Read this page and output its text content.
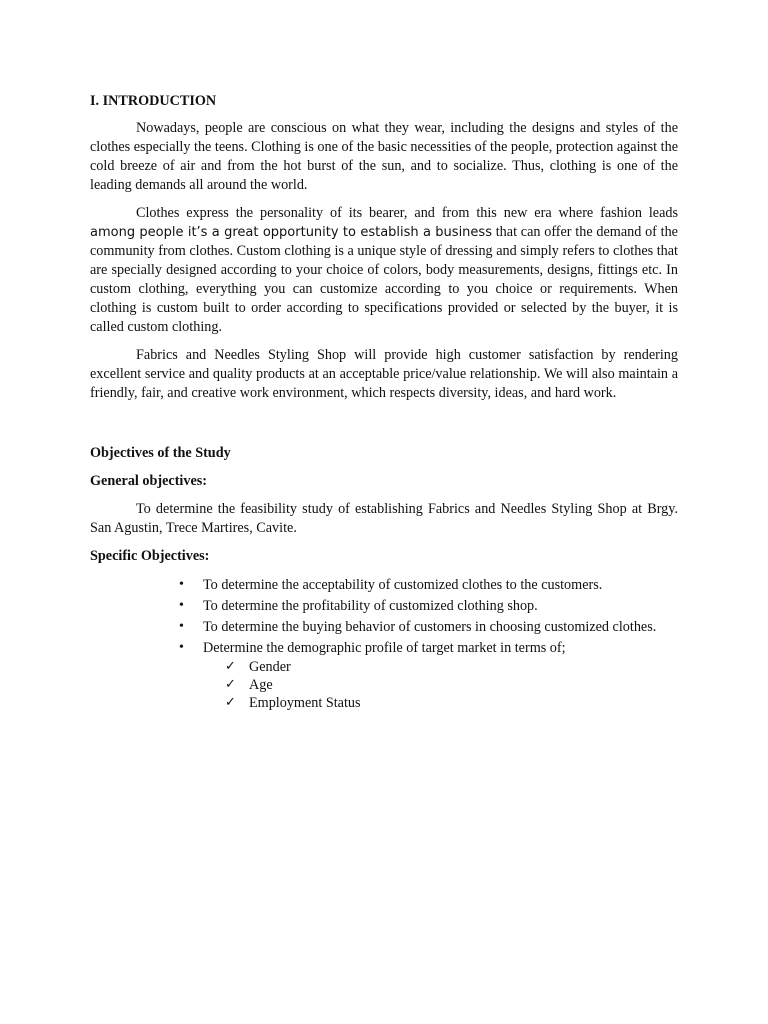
I. INTRODUCTION

Nowadays, people are conscious on what they wear, including the designs and styles of the clothes especially the teens. Clothing is one of the basic necessities of the people, protection against the cold breeze of air and from the hot burst of the sun, and to socialize. Thus, clothing is one of the leading demands all around the world.

Clothes express the personality of its bearer, and from this new era where fashion leads among people it’s a great opportunity to establish a business that can offer the demand of the community from clothes. Custom clothing is a unique style of dressing and simply refers to clothes that are specially designed according to your choice of colors, body measurements, designs, fittings etc. In custom clothing, everything you can customize according to you choice or requirements. When clothing is custom built to order according to specifications provided or selected by the buyer, it is called custom clothing.

Fabrics and Needles Styling Shop will provide high customer satisfaction by rendering excellent service and quality products at an acceptable price/value relationship. We will also maintain a friendly, fair, and creative work environment, which respects diversity, ideas, and hard work.

Objectives of the Study
General objectives:

To determine the feasibility study of establishing Fabrics and Needles Styling Shop at Brgy. San Agustin, Trece Martires, Cavite.

Specific Objectives:
• To determine the acceptability of customized clothes to the customers.
• To determine the profitability of customized clothing shop.
• To determine the buying behavior of customers in choosing customized clothes.
• Determine the demographic profile of target market in terms of;
✓ Gender
✓ Age
✓ Employment Status
